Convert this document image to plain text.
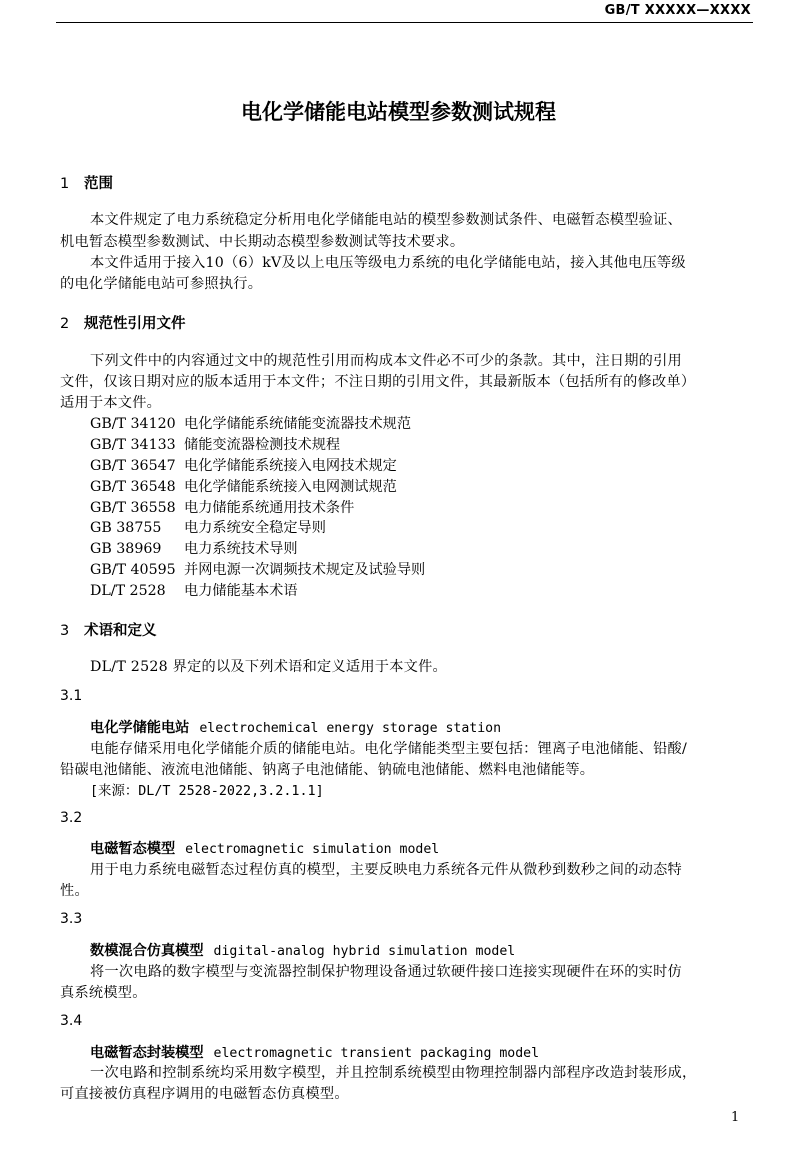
GB/T XXXXX—XXXX
电化学储能电站模型参数测试规程
1 范围
本文件规定了电力系统稳定分析用电化学储能电站的模型参数测试条件、电磁暂态模型验证、
机电暂态模型参数测试、中长期动态模型参数测试等技术要求。
本文件适用于接入10（6）kV及以上电压等级电力系统的电化学储能电站，接入其他电压等级
的电化学储能电站可参照执行。
2 规范性引用文件
下列文件中的内容通过文中的规范性引用而构成本文件必不可少的条款。其中，注日期的引用
文件，仅该日期对应的版本适用于本文件；不注日期的引用文件，其最新版本（包括所有的修改单）
适用于本文件。
GB/T 34120 电化学储能系统储能变流器技术规范
GB/T 34133 储能变流器检测技术规程
GB/T 36547 电化学储能系统接入电网技术规定
GB/T 36548 电化学储能系统接入电网测试规范
GB/T 36558 电力储能系统通用技术条件
GB 38755 电力系统安全稳定导则
GB 38969 电力系统技术导则
GB/T 40595 并网电源一次调频技术规定及试验导则
DL/T 2528 电力储能基本术语
3 术语和定义
DL/T 2528 界定的以及下列术语和定义适用于本文件。
3.1
电化学储能电站 electrochemical energy storage station
电能存储采用电化学储能介质的储能电站。电化学储能类型主要包括：锂离子电池储能、铅酸/
铅碳电池储能、液流电池储能、钠离子电池储能、钠硫电池储能、燃料电池储能等。
[来源：DL/T 2528-2022,3.2.1.1]
3.2
电磁暂态模型 electromagnetic simulation model
用于电力系统电磁暂态过程仿真的模型，主要反映电力系统各元件从微秒到数秒之间的动态特
性。
3.3
数模混合仿真模型 digital-analog hybrid simulation model
将一次电路的数字模型与变流器控制保护物理设备通过软硬件接口连接实现硬件在环的实时仿
真系统模型。
3.4
电磁暂态封装模型 electromagnetic transient packaging model
一次电路和控制系统均采用数字模型，并且控制系统模型由物理控制器内部程序改造封装形成，
可直接被仿真程序调用的电磁暂态仿真模型。
1
